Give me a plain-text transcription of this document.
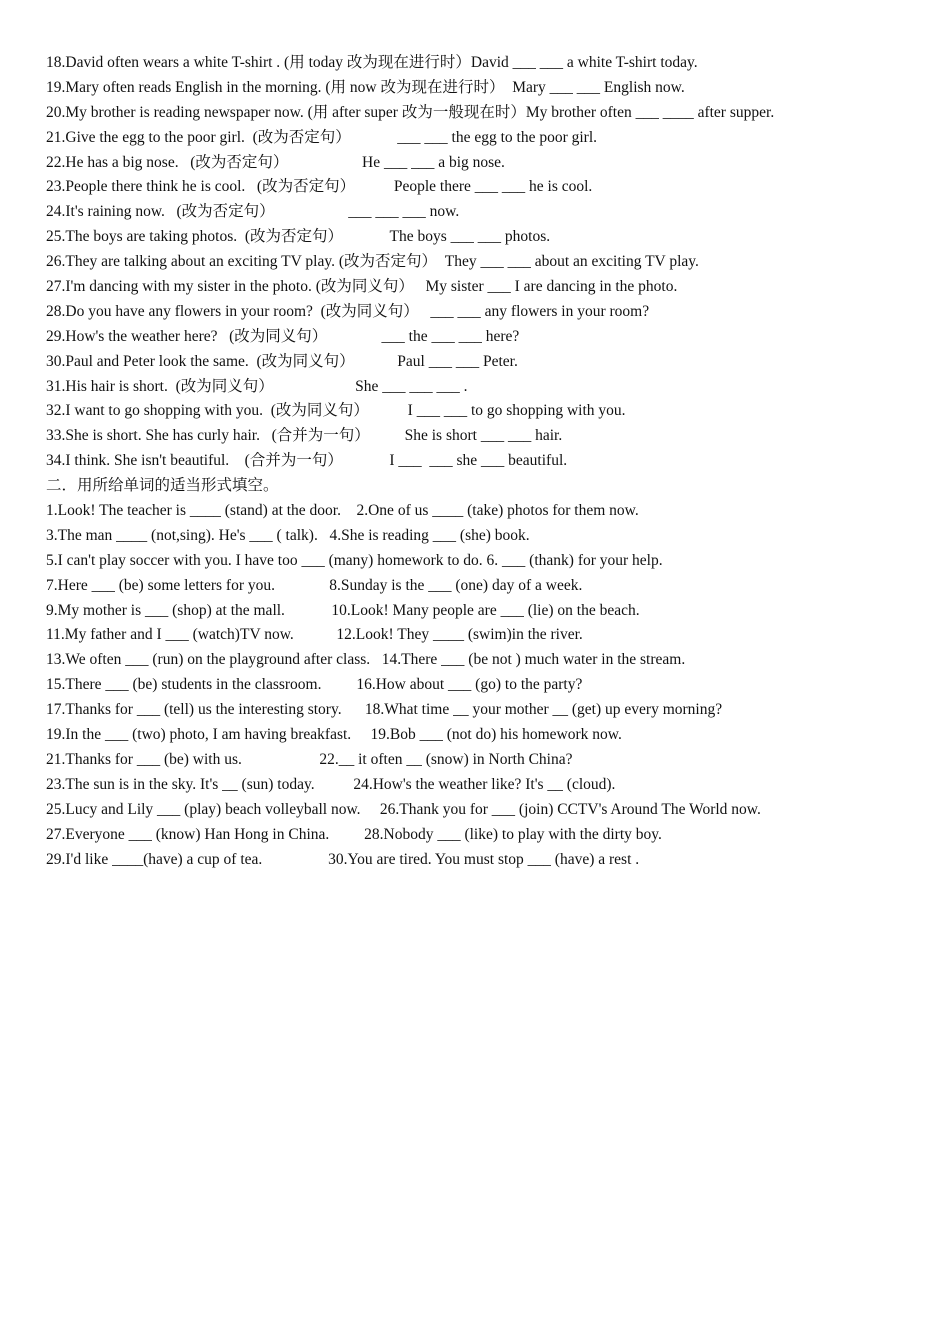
18.David often wears a white T-shirt . (用 today 改为现在进行时）David ___ ___ a white T-shirt today.
19.Mary often reads English in the morning. (用 now 改为现在进行时）  Mary ___ ___ English now.
20.My brother is reading newspaper now. (用 after super 改为一般现在时）My brother often ___ ____ after supper.
21.Give the egg to the poor girl.  (改为否定句）            ___ ___ the egg to the poor girl.
22.He has a big nose.   (改为否定句）                   He ___ ___ a big nose.
23.People there think he is cool.   (改为否定句）          People there ___ ___ he is cool.
24.It's raining now.   (改为否定句）                   ___ ___ ___ now.
25.The boys are taking photos.  (改为否定句）            The boys ___ ___ photos.
26.They are talking about an exciting TV play. (改为否定句）  They ___ ___ about an exciting TV play.
27.I'm dancing with my sister in the photo. (改为同义句）   My sister ___ I are dancing in the photo.
28.Do you have any flowers in your room?  (改为同义句）   ___ ___ any flowers in your room?
29.How's the weather here?   (改为同义句）              ___ the ___ ___ here?
30.Paul and Peter look the same.  (改为同义句）           Paul ___ ___ Peter.
31.His hair is short.  (改为同义句）                     She ___ ___ ___ .
32.I want to go shopping with you.  (改为同义句）          I ___ ___ to go shopping with you.
33.She is short. She has curly hair.   (合并为一句）         She is short ___ ___ hair.
34.I think. She isn't beautiful.    (合并为一句）            I ___  ___ she ___ beautiful.
二．用所给单词的适当形式填空。
1.Look! The teacher is ____ (stand) at the door.    2.One of us ____ (take) photos for them now.
3.The man ____ (not,sing). He's ___ ( talk).   4.She is reading ___ (she) book.
5.I can't play soccer with you. I have too ___ (many) homework to do. 6. ___ (thank) for your help.
7.Here ___ (be) some letters for you.              8.Sunday is the ___ (one) day of a week.
9.My mother is ___ (shop) at the mall.            10.Look! Many people are ___ (lie) on the beach.
11.My father and I ___ (watch)TV now.           12.Look! They ____ (swim)in the river.
13.We often ___ (run) on the playground after class.   14.There ___ (be not ) much water in the stream.
15.There ___ (be) students in the classroom.         16.How about ___ (go) to the party?
17.Thanks for ___ (tell) us the interesting story.      18.What time __ your mother __ (get) up every morning?
19.In the ___ (two) photo, I am having breakfast.     19.Bob ___ (not do) his homework now.
21.Thanks for ___ (be) with us.                    22.__ it often __ (snow) in North China?
23.The sun is in the sky. It's __ (sun) today.          24.How's the weather like? It's __ (cloud).
25.Lucy and Lily ___ (play) beach volleyball now.     26.Thank you for ___ (join) CCTV's Around The World now.
27.Everyone ___ (know) Han Hong in China.         28.Nobody ___ (like) to play with the dirty boy.
29.I'd like ____(have) a cup of tea.                 30.You are tired. You must stop ___ (have) a rest .
